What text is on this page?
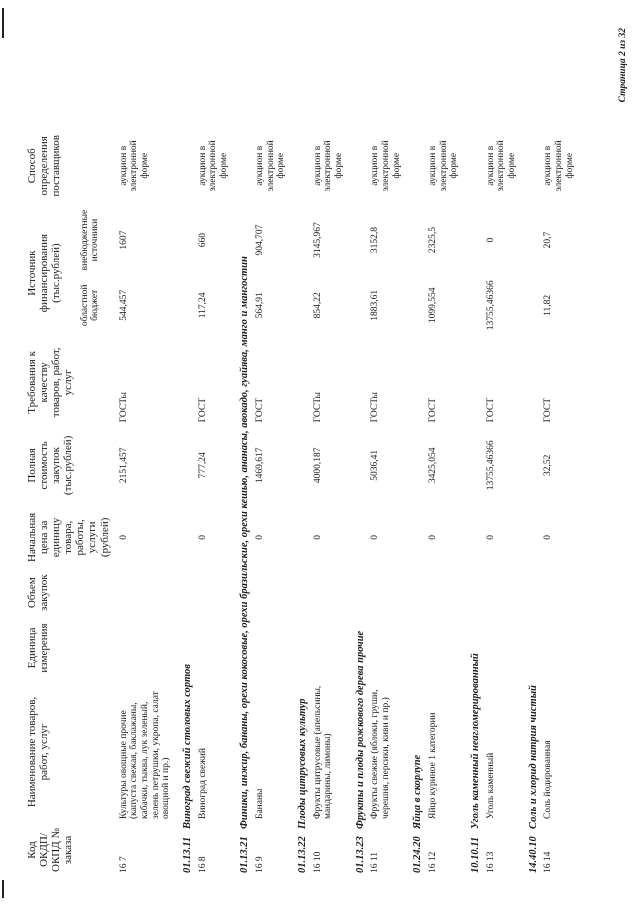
Код ОКДП/ ОКПД № заказа	Наименование товаров, работ, услуг	Единица измерения	Объем закупок	Начальная цена за единицу товара, работы, услуги (рублей)	Полная стоимость закупок (тыс.рублей)	Требования к качеству товаров, работ, услуг	Источник финансирования (тыс.рублей)		Способ определения поставщиков
							областной бюджет	внебюджетные источники	
16 7	Культуры овощные прочие (капуста свежая, баклажаны, кабачки, тыква, лук зеленый, зелень петрушки, укропа, салат овощной и пр.)			0	2151,457	ГОСТы	544,457	1607	аукцион в электронной форме
01.13.11Виноград свежий столовых сортов									
16 8	Виноград свежий			0	777,24	ГОСТ	117,24	660	аукцион в электронной форме
01.13.21Финики, инжир, бананы, орехи кокосовые, орехи бразильские, орехи кешью, ананасы, авокадо, гуайява, манго и мангостин									
16 9	Бананы			0	1469,617	ГОСТ	564,91	904,707	аукцион в электронной форме
01.13.22Плоды цитрусовых культур									
16 10	Фрукты цитрусовые (апельсины, мандарины, лимоны)			0	4000,187	ГОСТы	854,22	3145,967	аукцион в электронной форме
01.13.23Фрукты и плоды рожкового дерева прочие									
16 11	Фрукты свежие (яблоки, груши, черешня, персики, киви и пр.)			0	5036,41	ГОСТы	1883,61	3152,8	аукцион в электронной форме
01.24.20Яйца в скорлупе									
16 12	Яйцо куриное 1 категории			0	3425,054	ГОСТ	1099,554	2325,5	аукцион в электронной форме
10.10.11Уголь каменный неагломерированный									
16 13	Уголь каменный			0	13755,46366	ГОСТ	13755,46366	0	аукцион в электронной форме
14.40.10Соль и хлорид натрия чистый									
16 14	Соль йодированная			0	32,52	ГОСТ	11,82	20,7	аукцион в электронной форме
Страница 2 из 32
